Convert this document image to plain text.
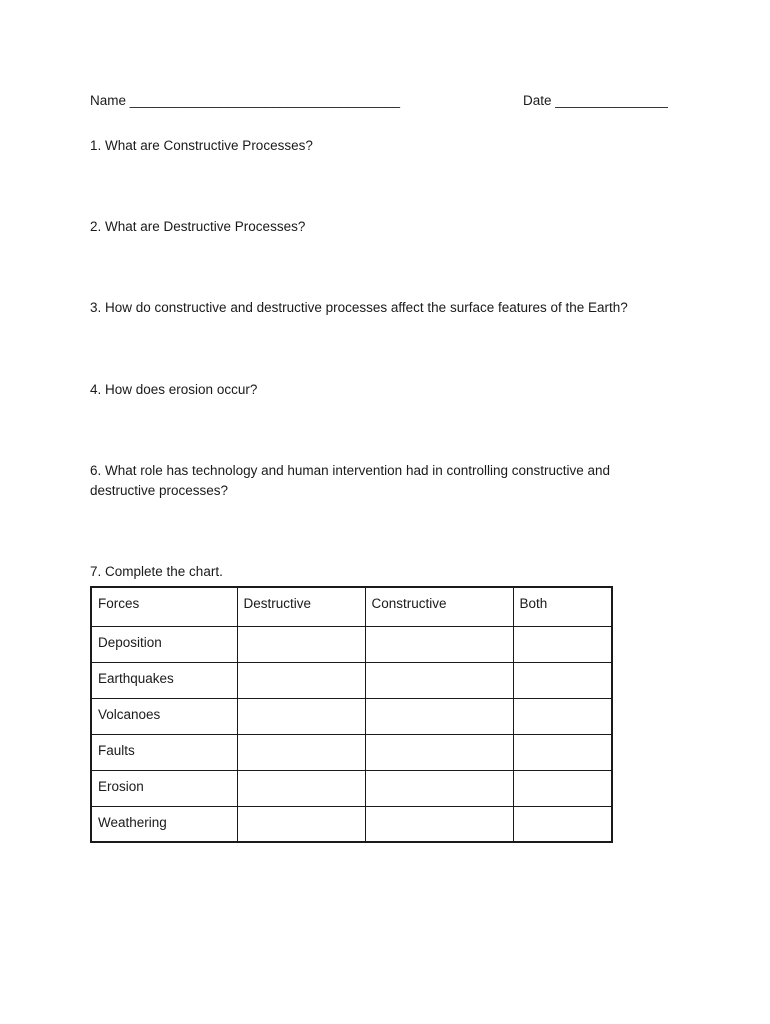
Name ____________________________________	Date _______________
1. What are Constructive Processes?
2. What are Destructive Processes?
3. How do constructive and destructive processes affect the surface features of the Earth?
4. How does erosion occur?
6. What role has technology and human intervention had in controlling constructive and destructive processes?
7. Complete the chart.
Forces	Destructive	Constructive	Both
Deposition			
Earthquakes			
Volcanoes			
Faults			
Erosion			
Weathering			
